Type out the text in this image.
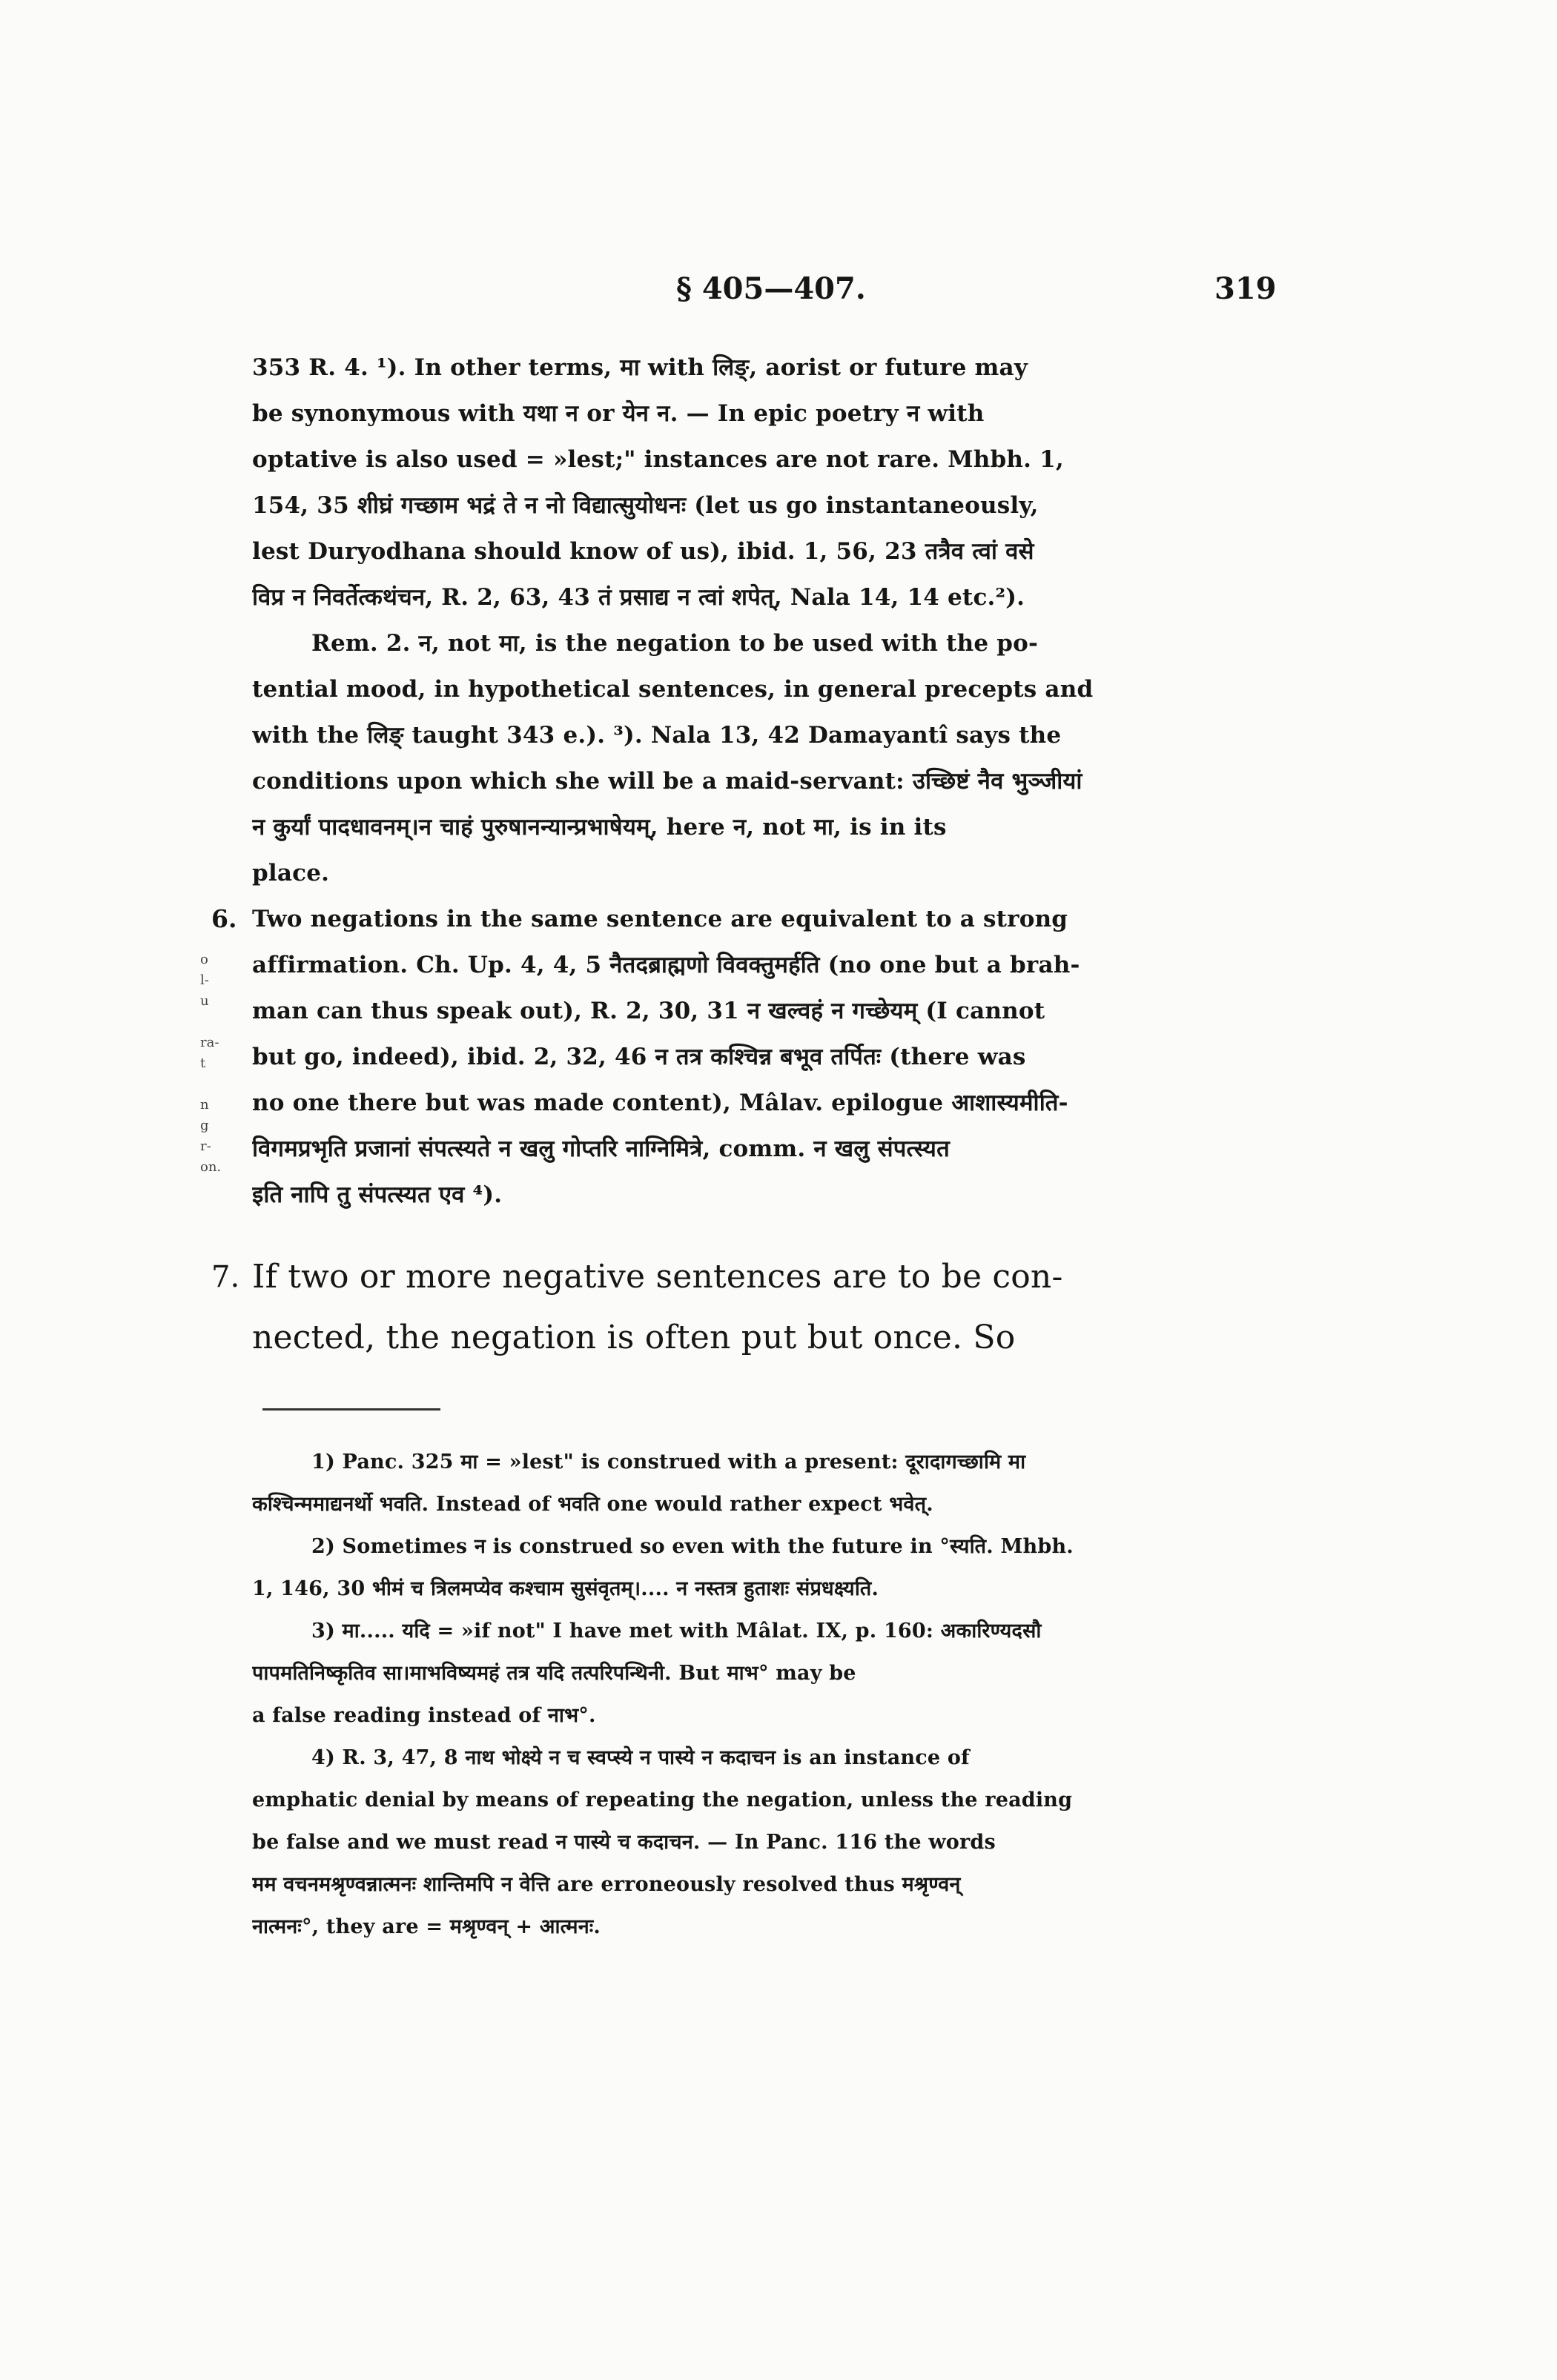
§ 405—407.	319
353 R. 4. ¹). In other terms, मा with लिङ्, aorist or future may
be synonymous with यथा न or येन न. — In epic poetry न with
optative is also used = »lest;" instances are not rare. Mhbh. 1,
154, 35 शीघ्रं गच्छाम भद्रं ते न नो विद्यात्सुयोधनः (let us go instantaneously,
lest Duryodhana should know of us), ibid. 1, 56, 23 तत्रैव त्वां वसे
विप्र न निवर्तेत्कथंचन, R. 2, 63, 43 तं प्रसाद्य न त्वां शपेत्, Nala 14, 14 etc.²).
Rem. 2. न, not मा, is the negation to be used with the po-
tential mood, in hypothetical sentences, in general precepts and
with the लिङ् taught 343 e.). ³). Nala 13, 42 Damayantî says the
conditions upon which she will be a maid-servant: उच्छिष्टं नैव भुञ्जीयां
न कुर्यां पादधावनम्।न चाहं पुरुषानन्यान्प्रभाषेयम्, here न, not मा, is in its
place.
6. Two negations in the same sentence are equivalent to a strong
affirmation. Ch. Up. 4, 4, 5 नैतदब्राह्मणो विवक्तुमर्हति (no one but a brah-
man can thus speak out), R. 2, 30, 31 न खल्वहं न गच्छेयम् (I cannot
but go, indeed), ibid. 2, 32, 46 न तत्र कश्चिन्न बभूव तर्पितः (there was
no one there but was made content), Mâlav. epilogue आशास्यमीति-
विगमप्रभृति प्रजानां संपत्स्यते न खलु गोप्तरि नाग्निमित्रे, comm. न खलु संपत्स्यत
इति नापि तु संपत्स्यत एव ⁴).
o
l-
u

ra-
t

n
g
r-
on.
7. If two or more negative sentences are to be con-
nected, the negation is often put but once. So
1) Panc. 325 मा = »lest" is construed with a present: दूरादागच्छामि मा
कश्चिन्ममाद्यनर्थो भवति. Instead of भवति one would rather expect भवेत्.
2) Sometimes न is construed so even with the future in °स्यति. Mhbh.
1, 146, 30 भीमं च त्रिलमप्येव कश्चाम सुसंवृतम्।.... न नस्तत्र हुताशः संप्रधक्ष्यति.
3) मा..... यदि = »if not" I have met with Mâlat. IX, p. 160: अकारिण्यदसौ
पापमतिनिष्कृतिव सा।माभविष्यमहं तत्र यदि तत्परिपन्थिनी. But माभ° may be
a false reading instead of नाभ°.
4) R. 3, 47, 8 नाथ भोक्ष्ये न च स्वप्स्ये न पास्ये न कदाचन is an instance of
emphatic denial by means of repeating the negation, unless the reading
be false and we must read न पास्ये च कदाचन. — In Panc. 116 the words
मम वचनमश्रृण्वन्नात्मनः शान्तिमपि न वेत्ति are erroneously resolved thus मश्रृण्वन्
नात्मनः°, they are = मश्रृण्वन् + आत्मनः.
